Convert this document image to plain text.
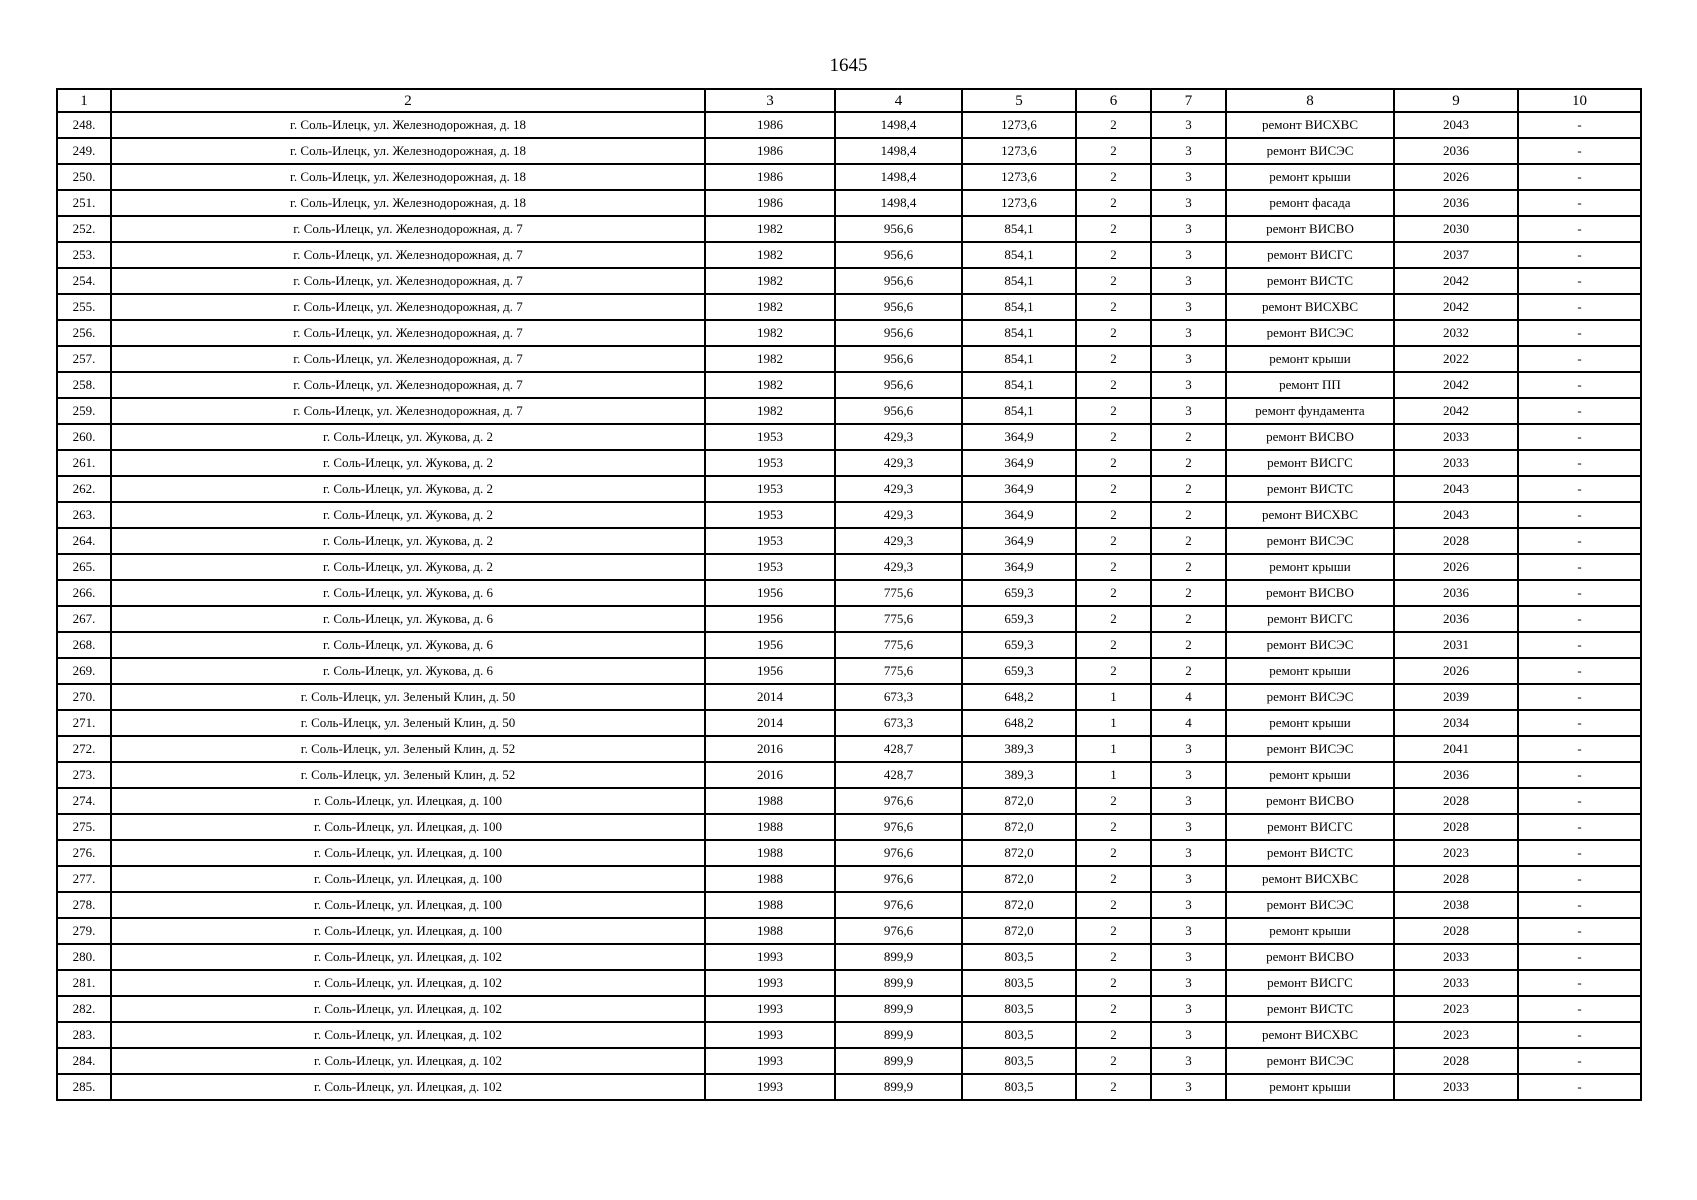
1645
1	2	3	4	5	6	7	8	9	10
248.	г. Соль-Илецк, ул. Железнодорожная, д. 18	1986	1498,4	1273,6	2	3	ремонт ВИСХВС	2043	-
249.	г. Соль-Илецк, ул. Железнодорожная, д. 18	1986	1498,4	1273,6	2	3	ремонт ВИСЭС	2036	-
250.	г. Соль-Илецк, ул. Железнодорожная, д. 18	1986	1498,4	1273,6	2	3	ремонт крыши	2026	-
251.	г. Соль-Илецк, ул. Железнодорожная, д. 18	1986	1498,4	1273,6	2	3	ремонт фасада	2036	-
252.	г. Соль-Илецк, ул. Железнодорожная, д. 7	1982	956,6	854,1	2	3	ремонт ВИСВО	2030	-
253.	г. Соль-Илецк, ул. Железнодорожная, д. 7	1982	956,6	854,1	2	3	ремонт ВИСГС	2037	-
254.	г. Соль-Илецк, ул. Железнодорожная, д. 7	1982	956,6	854,1	2	3	ремонт ВИСТС	2042	-
255.	г. Соль-Илецк, ул. Железнодорожная, д. 7	1982	956,6	854,1	2	3	ремонт ВИСХВС	2042	-
256.	г. Соль-Илецк, ул. Железнодорожная, д. 7	1982	956,6	854,1	2	3	ремонт ВИСЭС	2032	-
257.	г. Соль-Илецк, ул. Железнодорожная, д. 7	1982	956,6	854,1	2	3	ремонт крыши	2022	-
258.	г. Соль-Илецк, ул. Железнодорожная, д. 7	1982	956,6	854,1	2	3	ремонт ПП	2042	-
259.	г. Соль-Илецк, ул. Железнодорожная, д. 7	1982	956,6	854,1	2	3	ремонт фундамента	2042	-
260.	г. Соль-Илецк, ул. Жукова, д. 2	1953	429,3	364,9	2	2	ремонт ВИСВО	2033	-
261.	г. Соль-Илецк, ул. Жукова, д. 2	1953	429,3	364,9	2	2	ремонт ВИСГС	2033	-
262.	г. Соль-Илецк, ул. Жукова, д. 2	1953	429,3	364,9	2	2	ремонт ВИСТС	2043	-
263.	г. Соль-Илецк, ул. Жукова, д. 2	1953	429,3	364,9	2	2	ремонт ВИСХВС	2043	-
264.	г. Соль-Илецк, ул. Жукова, д. 2	1953	429,3	364,9	2	2	ремонт ВИСЭС	2028	-
265.	г. Соль-Илецк, ул. Жукова, д. 2	1953	429,3	364,9	2	2	ремонт крыши	2026	-
266.	г. Соль-Илецк, ул. Жукова, д. 6	1956	775,6	659,3	2	2	ремонт ВИСВО	2036	-
267.	г. Соль-Илецк, ул. Жукова, д. 6	1956	775,6	659,3	2	2	ремонт ВИСГС	2036	-
268.	г. Соль-Илецк, ул. Жукова, д. 6	1956	775,6	659,3	2	2	ремонт ВИСЭС	2031	-
269.	г. Соль-Илецк, ул. Жукова, д. 6	1956	775,6	659,3	2	2	ремонт крыши	2026	-
270.	г. Соль-Илецк, ул. Зеленый Клин, д. 50	2014	673,3	648,2	1	4	ремонт ВИСЭС	2039	-
271.	г. Соль-Илецк, ул. Зеленый Клин, д. 50	2014	673,3	648,2	1	4	ремонт крыши	2034	-
272.	г. Соль-Илецк, ул. Зеленый Клин, д. 52	2016	428,7	389,3	1	3	ремонт ВИСЭС	2041	-
273.	г. Соль-Илецк, ул. Зеленый Клин, д. 52	2016	428,7	389,3	1	3	ремонт крыши	2036	-
274.	г. Соль-Илецк, ул. Илецкая, д. 100	1988	976,6	872,0	2	3	ремонт ВИСВО	2028	-
275.	г. Соль-Илецк, ул. Илецкая, д. 100	1988	976,6	872,0	2	3	ремонт ВИСГС	2028	-
276.	г. Соль-Илецк, ул. Илецкая, д. 100	1988	976,6	872,0	2	3	ремонт ВИСТС	2023	-
277.	г. Соль-Илецк, ул. Илецкая, д. 100	1988	976,6	872,0	2	3	ремонт ВИСХВС	2028	-
278.	г. Соль-Илецк, ул. Илецкая, д. 100	1988	976,6	872,0	2	3	ремонт ВИСЭС	2038	-
279.	г. Соль-Илецк, ул. Илецкая, д. 100	1988	976,6	872,0	2	3	ремонт крыши	2028	-
280.	г. Соль-Илецк, ул. Илецкая, д. 102	1993	899,9	803,5	2	3	ремонт ВИСВО	2033	-
281.	г. Соль-Илецк, ул. Илецкая, д. 102	1993	899,9	803,5	2	3	ремонт ВИСГС	2033	-
282.	г. Соль-Илецк, ул. Илецкая, д. 102	1993	899,9	803,5	2	3	ремонт ВИСТС	2023	-
283.	г. Соль-Илецк, ул. Илецкая, д. 102	1993	899,9	803,5	2	3	ремонт ВИСХВС	2023	-
284.	г. Соль-Илецк, ул. Илецкая, д. 102	1993	899,9	803,5	2	3	ремонт ВИСЭС	2028	-
285.	г. Соль-Илецк, ул. Илецкая, д. 102	1993	899,9	803,5	2	3	ремонт крыши	2033	-
